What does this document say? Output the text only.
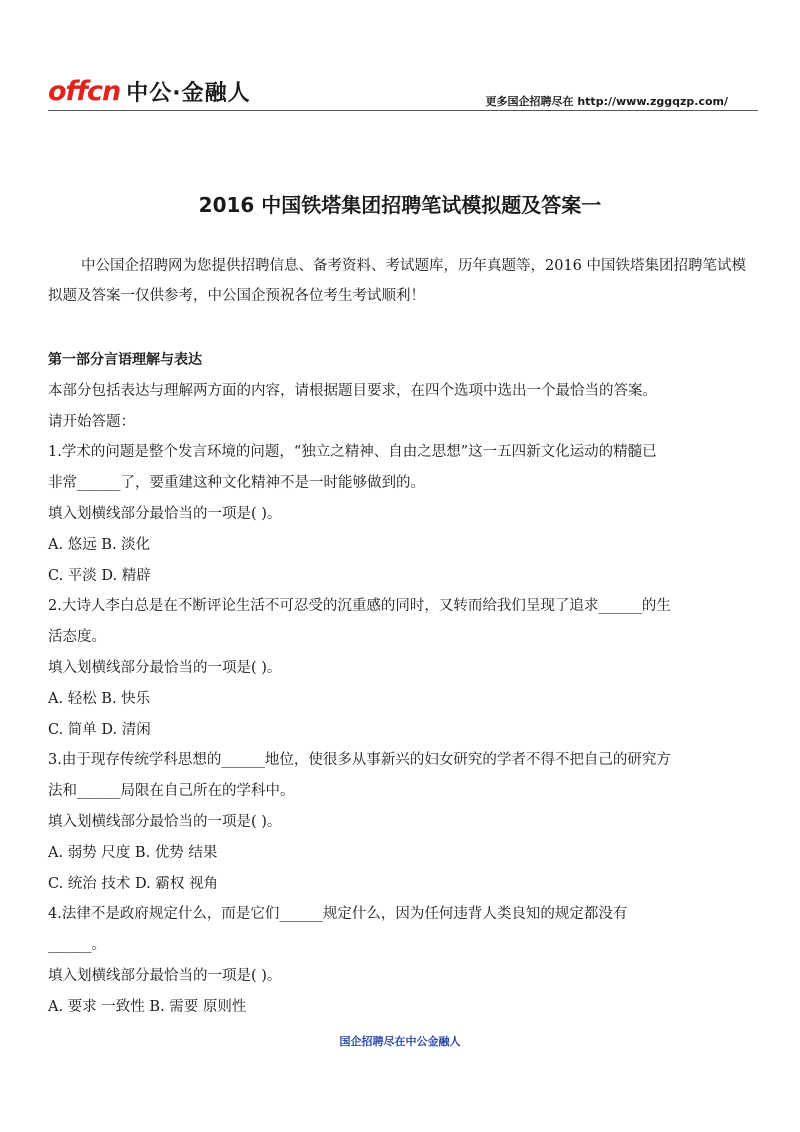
offcn 中公·金融人	更多国企招聘尽在 http://www.zggqzp.com/
2016 中国铁塔集团招聘笔试模拟题及答案一
中公国企招聘网为您提供招聘信息、备考资料、考试题库，历年真题等，2016 中国铁塔集团招聘笔试模拟题及答案一仅供参考，中公国企预祝各位考生考试顺利！
第一部分言语理解与表达
本部分包括表达与理解两方面的内容，请根据题目要求，在四个选项中选出一个最恰当的答案。
请开始答题：
1.学术的问题是整个发言环境的问题，“独立之精神、自由之思想”这一五四新文化运动的精髓已
非常______了，要重建这种文化精神不是一时能够做到的。
填入划横线部分最恰当的一项是( )。
A. 悠远 B. 淡化
C. 平淡 D. 精辟
2.大诗人李白总是在不断评论生活不可忍受的沉重感的同时，又转而给我们呈现了追求______的生
活态度。
填入划横线部分最恰当的一项是( )。
A. 轻松 B. 快乐
C. 简单 D. 清闲
3.由于现存传统学科思想的______地位，使很多从事新兴的妇女研究的学者不得不把自己的研究方
法和______局限在自己所在的学科中。
填入划横线部分最恰当的一项是( )。
A. 弱势 尺度 B. 优势 结果
C. 统治 技术 D. 霸权 视角
4.法律不是政府规定什么，而是它们______规定什么，因为任何违背人类良知的规定都没有
______。
填入划横线部分最恰当的一项是( )。
A. 要求 一致性 B. 需要 原则性
国企招聘尽在中公金融人
